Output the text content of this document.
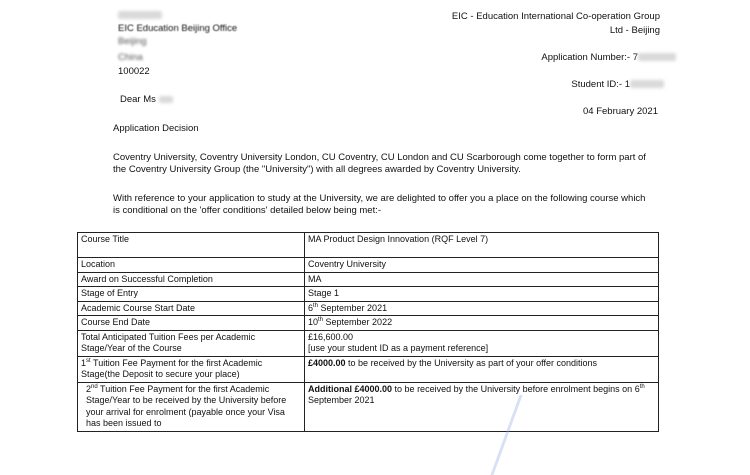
EIC Education Beijing Office
Beijing
China
100022
EIC - Education International Co-operation Group
Ltd - Beijing
Application Number:- 7
Student ID:- 1
04 February 2021
Dear Ms
Application Decision
Coventry University, Coventry University London, CU Coventry, CU London and CU Scarborough come together to form part of the Coventry University Group (the "University") with all degrees awarded by Coventry University.
With reference to your application to study at the University, we are delighted to offer you a place on the following course which is conditional on the 'offer conditions' detailed below being met:-
Course Title	MA Product Design Innovation (RQF Level 7)
Location	Coventry University
Award on Successful Completion	MA
Stage of Entry	Stage 1
Academic Course Start Date	6th September 2021
Course End Date	10th September 2022
Total Anticipated Tuition Fees per Academic Stage/Year of the Course	£16,600.00
[use your student ID as a payment reference]

1st Tuition Fee Payment for the first Academic Stage(the Deposit to secure your place)	£4000.00 to be received by the University as part of your offer conditions
2nd Tuition Fee Payment for the first Academic Stage/Year to be received by the University before your arrival for enrolment (payable once your Visa has been issued to	Additional £4000.00 to be received by the University before enrolment begins on 6th September 2021
